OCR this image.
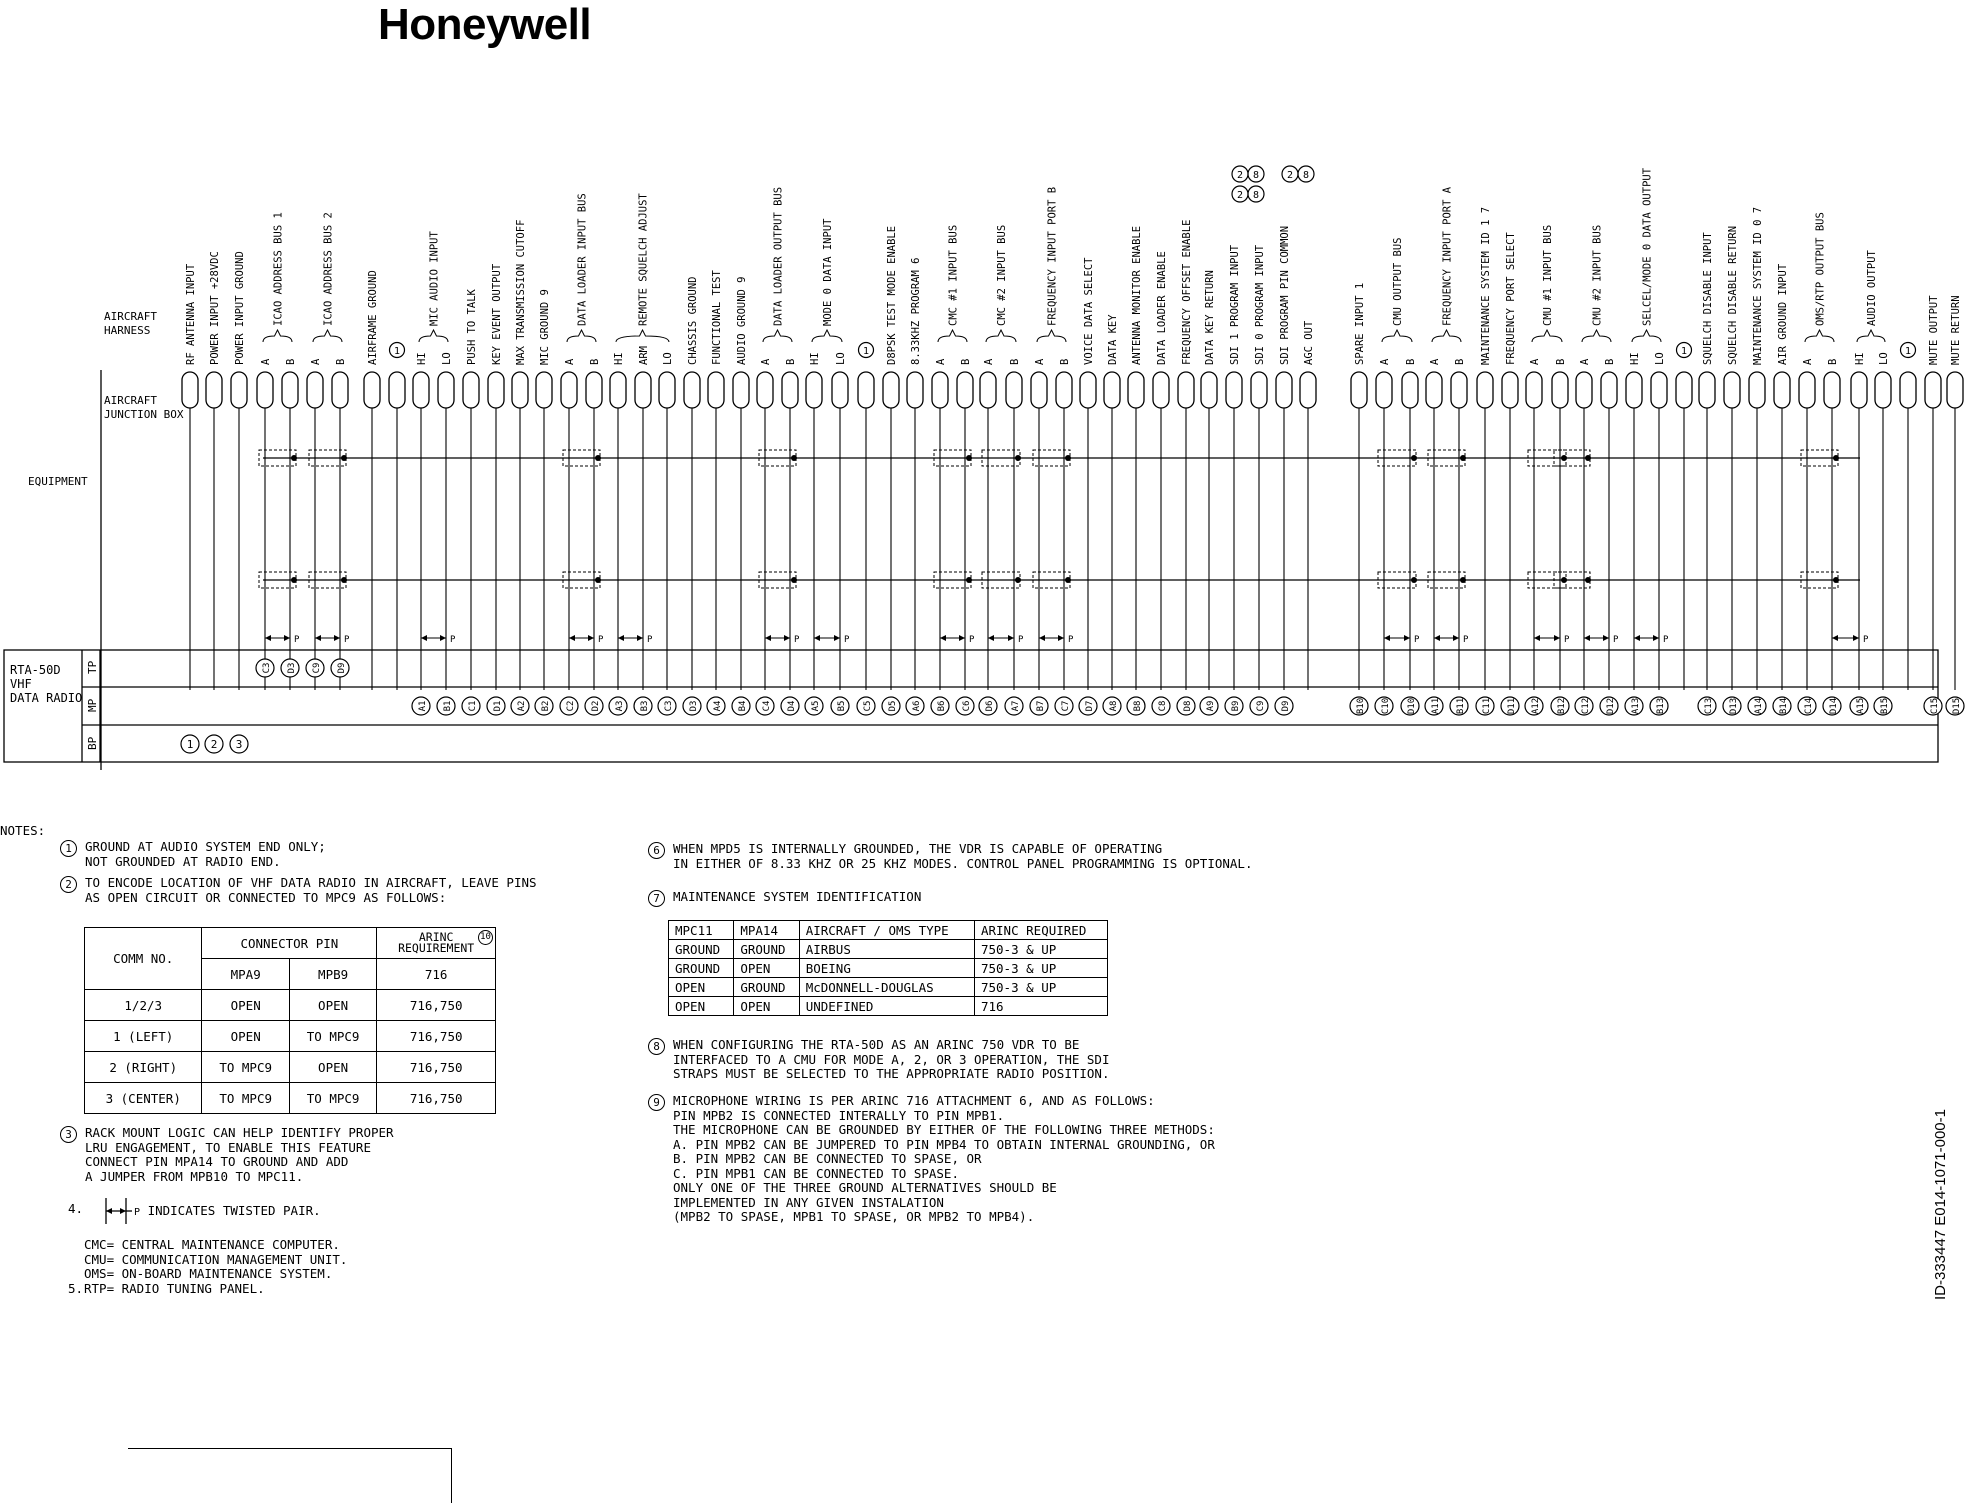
Honeywell
AIRCRAFT
HARNESS
AIRCRAFT
JUNCTION BOX
EQUIPMENT
RF ANTENNA INPUT POWER INPUT +28VDC POWER INPUT GROUND A B A B AIRFRAME GROUND 1
HI LO PUSH TO TALK KEY EVENT OUTPUT MAX TRANSMISSION CUTOFF MIC GROUND 9 A B HI ARM LO CHASSIS GROUND FUNCTIONAL TEST AUDIO GROUND 9 A B HI LO
1 D8PSK TEST MODE ENABLE 8.33KHZ PROGRAM 6 A B A B A B VOICE DATA SELECT DATA KEY ANTENNA MONITOR ENABLE DATA LOADER ENABLE FREQUENCY OFFSET ENABLE DATA KEY RETURN SDI 1 PROGRAM INPUT SDI 0 PROGRAM INPUT SDI PROGRAM PIN COMMON AGC OUT	SPARE INPUT 1 A B A B MAINTENANCE SYSTEM ID 1 7 FREQUENCY PORT SELECT A B A B HI LO
1 SQUELCH DISABLE INPUT SQUELCH DISABLE RETURN MAINTENANCE SYSTEM ID 0 7 AIR GROUND INPUT A B HI LO
1 MUTE OUTPUT MUTE RETURN
ICAO ADDRESS BUS 1	ICAO ADDRESS BUS 2	MIC AUDIO INPUT	DATA LOADER INPUT BUS	REMOTE SQUELCH ADJUST	DATA LOADER OUTPUT BUS	MODE 0 DATA INPUT	CMC #1 INPUT BUS	CMC #2 INPUT BUS	FREQUENCY INPUT PORT B	CMU OUTPUT BUS	FREQUENCY INPUT PORT A	CMU #1 INPUT BUS	CMU #2 INPUT BUS	SELCEL/MODE 0 DATA OUTPUT	OMS/RTP OUTPUT BUS	AUDIO OUTPUT
2 8
2 8
2 8
P	P	P	P	P	P	P	P	P	P	P	P	P	P	P	P
RTA-50D
VHF
DATA RADIO
TP
MP
BP
C3 D3 C9 D9
A1 B1 C1 D1 A2 B2 C2 D2 A3 B3 C3 D3 A4 B4 C4 D4 A5 B5 C5 D5 A6 B6 C6 D6 A7 B7 C7 D7 A8 B8 C8 D8 A9 B9 C9 D9	B10 C10 D10 A11 B11 C11 D11 A12 B12 C12 D12 A13 B13	C13 D13 A14 B14 C14 D14 A15 B15	C15 D15
1 2 3
NOTES:
1 GROUND AT AUDIO SYSTEM END ONLY;
NOT GROUNDED AT RADIO END.
2 TO ENCODE LOCATION OF VHF DATA RADIO IN AIRCRAFT, LEAVE PINS
AS OPEN CIRCUIT OR CONNECTED TO MPC9 AS FOLLOWS:
COMM NO.	CONNECTOR PIN		ARINC
REQUIREMENT
10

	MPA9	MPB9	716
1/2/3	OPEN	OPEN	716,750
1 (LEFT)	OPEN	TO MPC9	716,750
2 (RIGHT)	TO MPC9	OPEN	716,750
3 (CENTER)	TO MPC9	TO MPC9	716,750
3 RACK MOUNT LOGIC CAN HELP IDENTIFY PROPER
LRU ENGAGEMENT, TO ENABLE THIS FEATURE
CONNECT PIN MPA14 TO GROUND AND ADD
A JUMPER FROM MPB10 TO MPC11.
4.	P INDICATES TWISTED PAIR.
5.CMC= CENTRAL MAINTENANCE COMPUTER.
CMU= COMMUNICATION MANAGEMENT UNIT.
OMS= ON-BOARD MAINTENANCE SYSTEM.
RTP= RADIO TUNING PANEL.
6 WHEN MPD5 IS INTERNALLY GROUNDED, THE VDR IS CAPABLE OF OPERATING
IN EITHER OF 8.33 KHZ OR 25 KHZ MODES. CONTROL PANEL PROGRAMMING IS OPTIONAL.
7 MAINTENANCE SYSTEM IDENTIFICATION
MPC11	MPA14	AIRCRAFT / OMS TYPE	ARINC REQUIRED
GROUND	GROUND	AIRBUS	750-3 & UP
GROUND	OPEN	BOEING	750-3 & UP
OPEN	GROUND	McDONNELL-DOUGLAS	750-3 & UP
OPEN	OPEN	UNDEFINED	716
8 WHEN CONFIGURING THE RTA-50D AS AN ARINC 750 VDR TO BE
INTERFACED TO A CMU FOR MODE A, 2, OR 3 OPERATION, THE SDI
STRAPS MUST BE SELECTED TO THE APPROPRIATE RADIO POSITION.
9 MICROPHONE WIRING IS PER ARINC 716 ATTACHMENT 6, AND AS FOLLOWS:
PIN MPB2 IS CONNECTED INTERALLY TO PIN MPB1.
THE MICROPHONE CAN BE GROUNDED BY EITHER OF THE FOLLOWING THREE METHODS:
A. PIN MPB2 CAN BE JUMPERED TO PIN MPB4 TO OBTAIN INTERNAL GROUNDING, OR
B. PIN MPB2 CAN BE CONNECTED TO SPASE, OR
C. PIN MPB1 CAN BE CONNECTED TO SPASE.
ONLY ONE OF THE THREE GROUND ALTERNATIVES SHOULD BE
IMPLEMENTED IN ANY GIVEN INSTALATION
(MPB2 TO SPASE, MPB1 TO SPASE, OR MPB2 TO MPB4).	ID-333447 E014-1071-000-1
